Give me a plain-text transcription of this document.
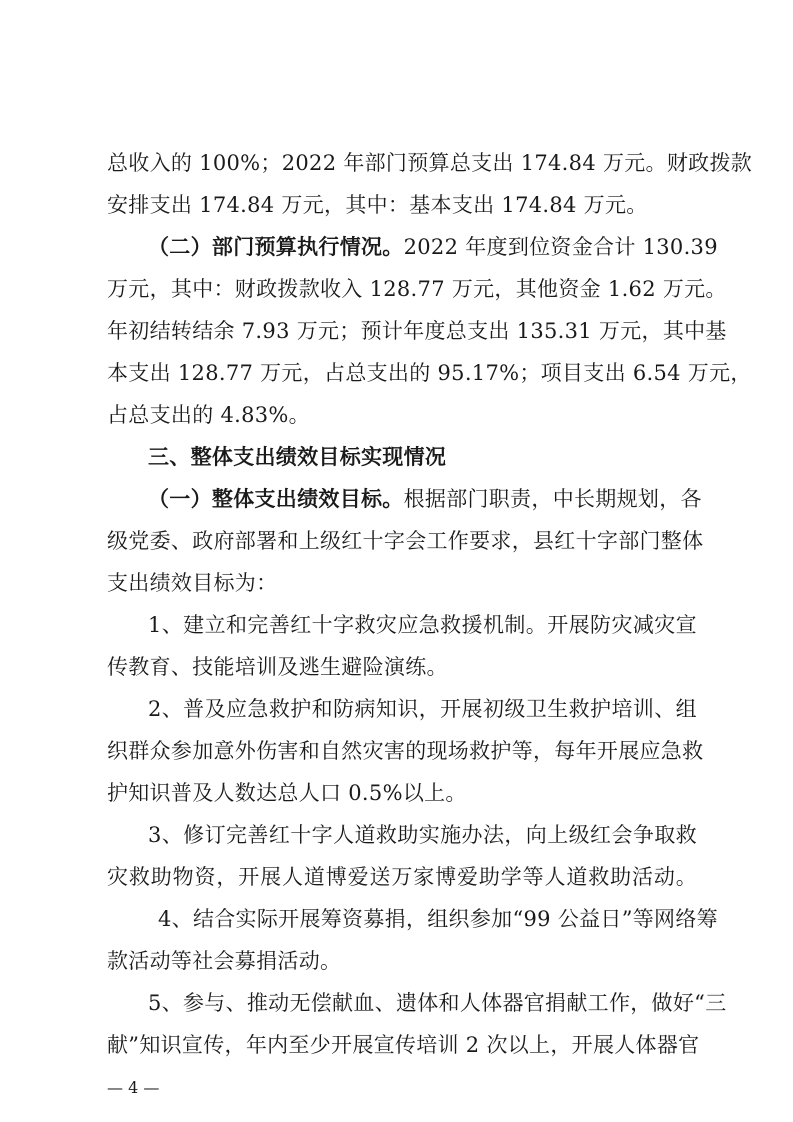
总收入的 100%；2022 年部门预算总支出 174.84 万元。财政拨款
安排支出 174.84 万元，其中：基本支出 174.84 万元。
（二）部门预算执行情况。2022 年度到位资金合计 130.39
万元，其中：财政拨款收入 128.77 万元，其他资金 1.62 万元。
年初结转结余 7.93 万元；预计年度总支出 135.31 万元，其中基
本支出 128.77 万元，占总支出的 95.17%；项目支出 6.54 万元，
占总支出的 4.83%。
三、整体支出绩效目标实现情况
（一）整体支出绩效目标。根据部门职责，中长期规划，各
级党委、政府部署和上级红十字会工作要求，县红十字部门整体
支出绩效目标为：
1、建立和完善红十字救灾应急救援机制。开展防灾减灾宣
传教育、技能培训及逃生避险演练。
2、普及应急救护和防病知识，开展初级卫生救护培训、组
织群众参加意外伤害和自然灾害的现场救护等，每年开展应急救
护知识普及人数达总人口 0.5%以上。
3、修订完善红十字人道救助实施办法，向上级红会争取救
灾救助物资，开展人道博爱送万家博爱助学等人道救助活动。
4、结合实际开展筹资募捐，组织参加“99 公益日”等网络筹
款活动等社会募捐活动。
5、参与、推动无偿献血、遗体和人体器官捐献工作，做好“三
献”知识宣传，年内至少开展宣传培训 2 次以上，开展人体器官
— 4 —
